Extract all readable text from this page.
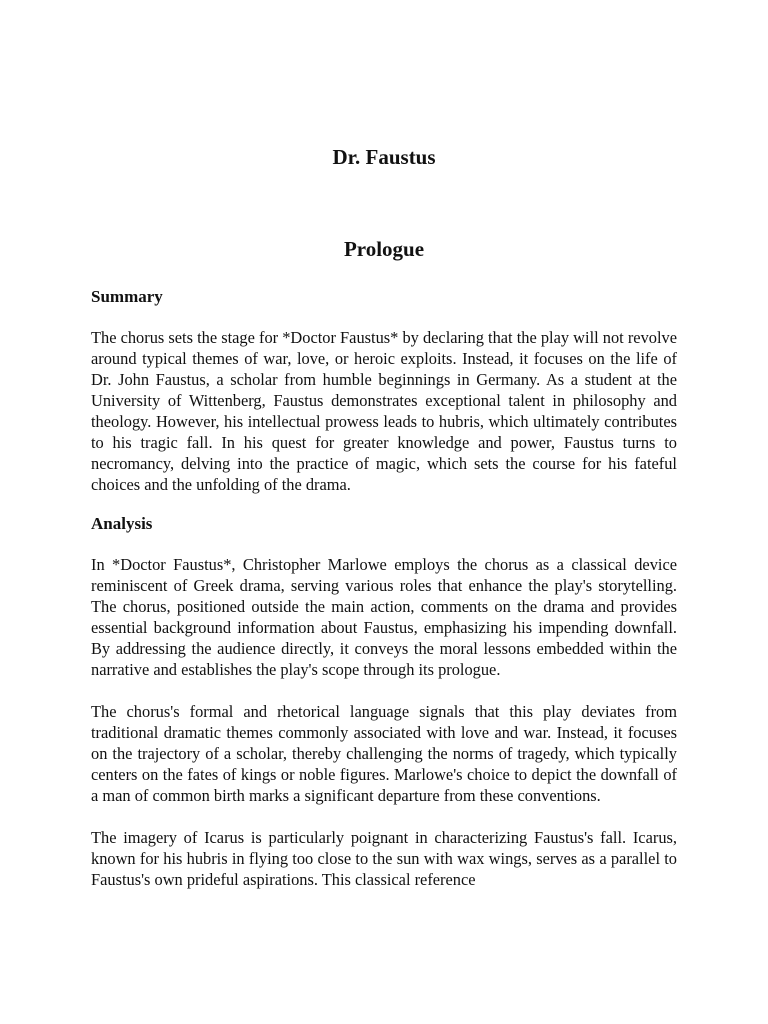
Dr. Faustus
Prologue
Summary

The chorus sets the stage for *Doctor Faustus* by declaring that the play will not revolve around typical themes of war, love, or heroic exploits. Instead, it focuses on the life of Dr. John Faustus, a scholar from humble beginnings in Germany. As a student at the University of Wittenberg, Faustus demonstrates exceptional talent in philosophy and theology. However, his intellectual prowess leads to hubris, which ultimately contributes to his tragic fall. In his quest for greater knowledge and power, Faustus turns to necromancy, delving into the practice of magic, which sets the course for his fateful choices and the unfolding of the drama.

Analysis

In *Doctor Faustus*, Christopher Marlowe employs the chorus as a classical device reminiscent of Greek drama, serving various roles that enhance the play's storytelling. The chorus, positioned outside the main action, comments on the drama and provides essential background information about Faustus, emphasizing his impending downfall. By addressing the audience directly, it conveys the moral lessons embedded within the narrative and establishes the play's scope through its prologue.

The chorus's formal and rhetorical language signals that this play deviates from traditional dramatic themes commonly associated with love and war. Instead, it focuses on the trajectory of a scholar, thereby challenging the norms of tragedy, which typically centers on the fates of kings or noble figures. Marlowe's choice to depict the downfall of a man of common birth marks a significant departure from these conventions.

The imagery of Icarus is particularly poignant in characterizing Faustus's fall. Icarus, known for his hubris in flying too close to the sun with wax wings, serves as a parallel to Faustus's own prideful aspirations. This classical reference
